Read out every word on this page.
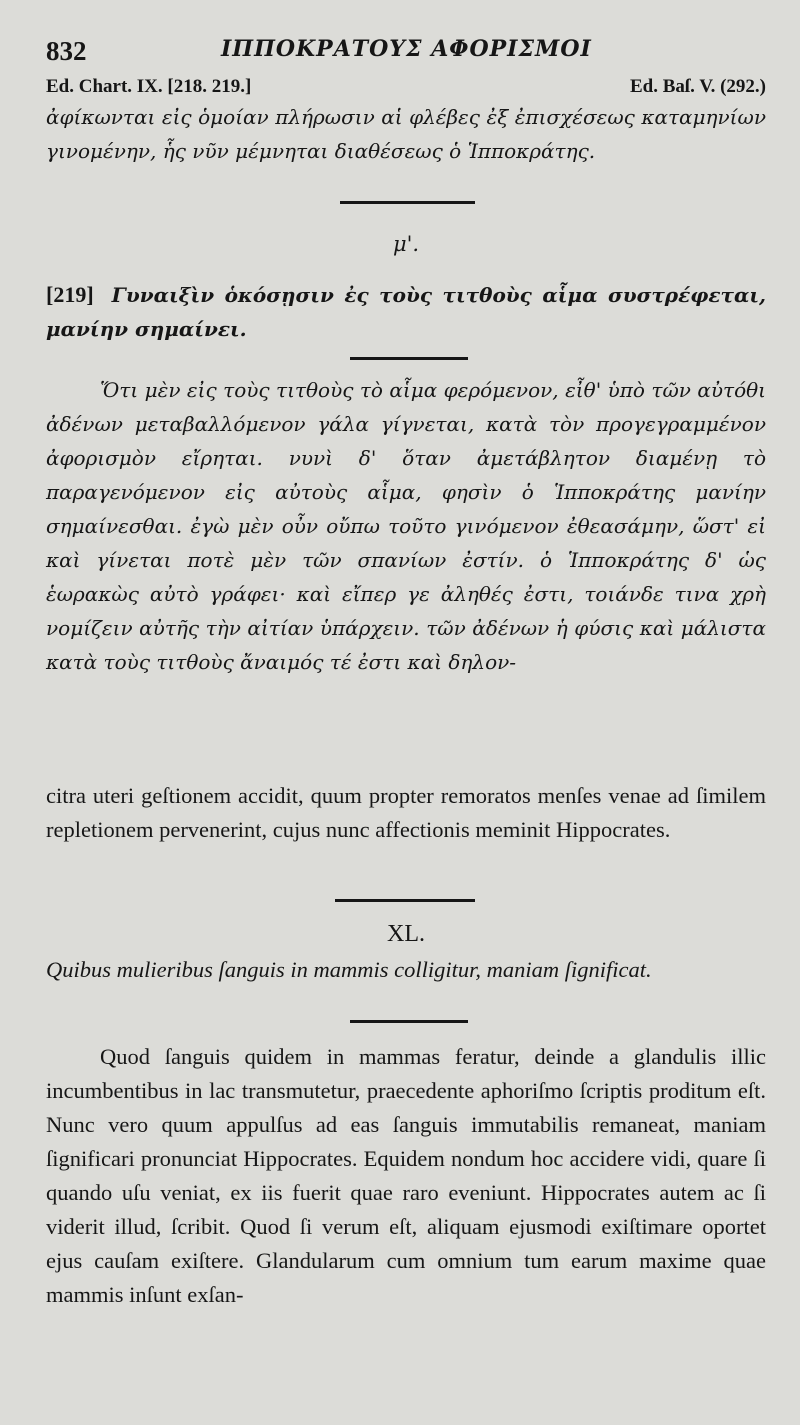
832	ΙΠΠΟΚΡΑΤΟΥΣ ΑΦΟΡΙΣΜΟΙ
Ed. Chart. IX. [218. 219.]	Ed. Baſ. V. (292.)
ἀφίκωνται εἰς ὁμοίαν πλήρωσιν αἱ φλέβες ἐξ ἐπισχέσεως καταμηνίων γινομένην, ἧς νῦν μέμνηται διαθέσεως ὁ Ἱπποκράτης.
μ'.
[219] Γυναιξὶν ὁκόσῃσιν ἐς τοὺς τιτθοὺς αἷμα συστρέφεται, μανίην σημαίνει.
Ὅτι μὲν εἰς τοὺς τιτθοὺς τὸ αἷμα φερόμενον, εἶθ' ὑπὸ τῶν αὐτόθι ἀδένων μεταβαλλόμενον γάλα γίγνεται, κατὰ τὸν προγεγραμμένον ἀφορισμὸν εἴρηται. νυνὶ δ' ὅταν ἀμετάβλητον διαμένῃ τὸ παραγενόμενον εἰς αὐτοὺς αἷμα, φησὶν ὁ Ἱπποκράτης μανίην σημαίνεσθαι. ἐγὼ μὲν οὖν οὔπω τοῦτο γινόμενον ἐθεασάμην, ὥστ' εἰ καὶ γίνεται ποτὲ μὲν τῶν σπανίων ἐστίν. ὁ Ἱπποκράτης δ' ὡς ἑωρακὼς αὐτὸ γράφει· καὶ εἴπερ γε ἀληθές ἐστι, τοιάνδε τινα χρὴ νομίζειν αὐτῆς τὴν αἰτίαν ὑπάρχειν. τῶν ἀδένων ἡ φύσις καὶ μάλιστα κατὰ τοὺς τιτθοὺς ἄναιμός τέ ἐστι καὶ δηλον-
citra uteri geſtionem accidit, quum propter remoratos menſes venae ad ſimilem repletionem pervenerint, cujus nunc affectionis meminit Hippocrates.
XL.
Quibus mulieribus ſanguis in mammis colligitur, maniam ſignificat.
Quod ſanguis quidem in mammas feratur, deinde a glandulis illic incumbentibus in lac transmutetur, praecedente aphoriſmo ſcriptis proditum eſt. Nunc vero quum appulſus ad eas ſanguis immutabilis remaneat, maniam ſignificari pronunciat Hippocrates. Equidem nondum hoc accidere vidi, quare ſi quando uſu veniat, ex iis fuerit quae raro eveniunt. Hippocrates autem ac ſi viderit illud, ſcribit. Quod ſi verum eſt, aliquam ejusmodi exiſtimare oportet ejus cauſam exiſtere. Glandularum cum omnium tum earum maxime quae mammis inſunt exſan-
